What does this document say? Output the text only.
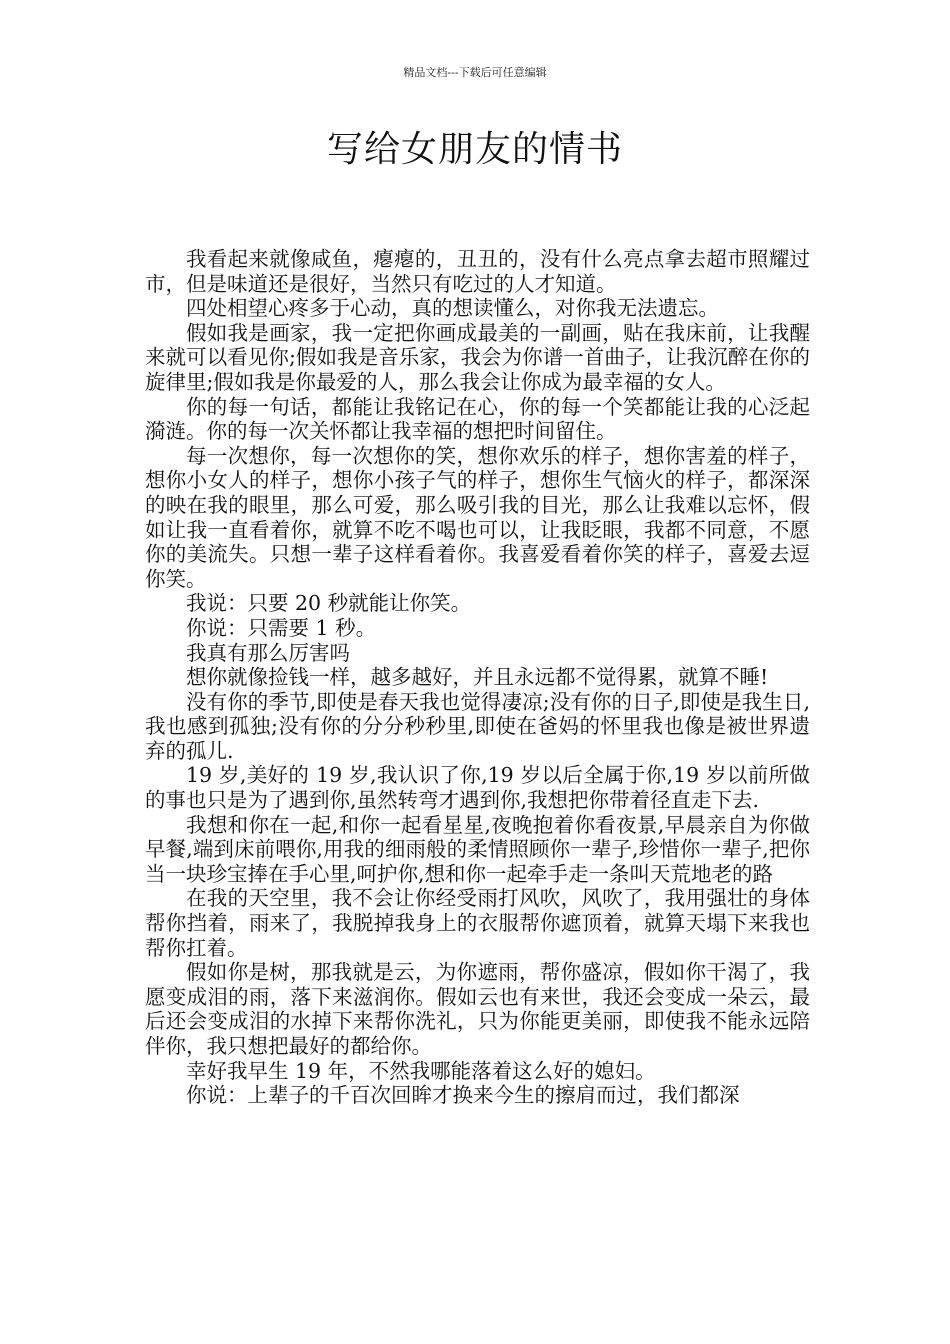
精品文档---下载后可任意编辑
写给女朋友的情书

我看起来就像咸鱼，瘪瘪的，丑丑的，没有什么亮点拿去超市照耀过市，但是味道还是很好，当然只有吃过的人才知道。

四处相望心疼多于心动，真的想读懂么，对你我无法遗忘。

假如我是画家，我一定把你画成最美的一副画，贴在我床前，让我醒来就可以看见你;假如我是音乐家，我会为你谱一首曲子，让我沉醉在你的旋律里;假如我是你最爱的人，那么我会让你成为最幸福的女人。

你的每一句话，都能让我铭记在心，你的每一个笑都能让我的心泛起漪涟。你的每一次关怀都让我幸福的想把时间留住。

每一次想你，每一次想你的笑，想你欢乐的样子，想你害羞的样子，想你小女人的样子，想你小孩子气的样子，想你生气恼火的样子，都深深的映在我的眼里，那么可爱，那么吸引我的目光，那么让我难以忘怀，假如让我一直看着你，就算不吃不喝也可以，让我眨眼，我都不同意，不愿你的美流失。只想一辈子这样看着你。我喜爱看着你笑的样子，喜爱去逗你笑。

我说：只要 20 秒就能让你笑。

你说：只需要 1 秒。

我真有那么厉害吗

想你就像捡钱一样，越多越好，并且永远都不觉得累，就算不睡!

没有你的季节,即使是春天我也觉得凄凉;没有你的日子,即使是我生日,我也感到孤独;没有你的分分秒秒里,即使在爸妈的怀里我也像是被世界遗弃的孤儿.

19 岁,美好的 19 岁,我认识了你,19 岁以后全属于你,19 岁以前所做的事也只是为了遇到你,虽然转弯才遇到你,我想把你带着径直走下去.

我想和你在一起,和你一起看星星,夜晚抱着你看夜景,早晨亲自为你做早餐,端到床前喂你,用我的细雨般的柔情照顾你一辈子,珍惜你一辈子,把你当一块珍宝捧在手心里,呵护你,想和你一起牵手走一条叫天荒地老的路

在我的天空里，我不会让你经受雨打风吹，风吹了，我用强壮的身体帮你挡着，雨来了，我脱掉我身上的衣服帮你遮顶着，就算天塌下来我也帮你扛着。

假如你是树，那我就是云，为你遮雨，帮你盛凉，假如你干渴了，我愿变成泪的雨，落下来滋润你。假如云也有来世，我还会变成一朵云，最后还会变成泪的水掉下来帮你洗礼，只为你能更美丽，即使我不能永远陪伴你，我只想把最好的都给你。

幸好我早生 19 年，不然我哪能落着这么好的媳妇。

你说：上辈子的千百次回眸才换来今生的擦肩而过，我们都深
